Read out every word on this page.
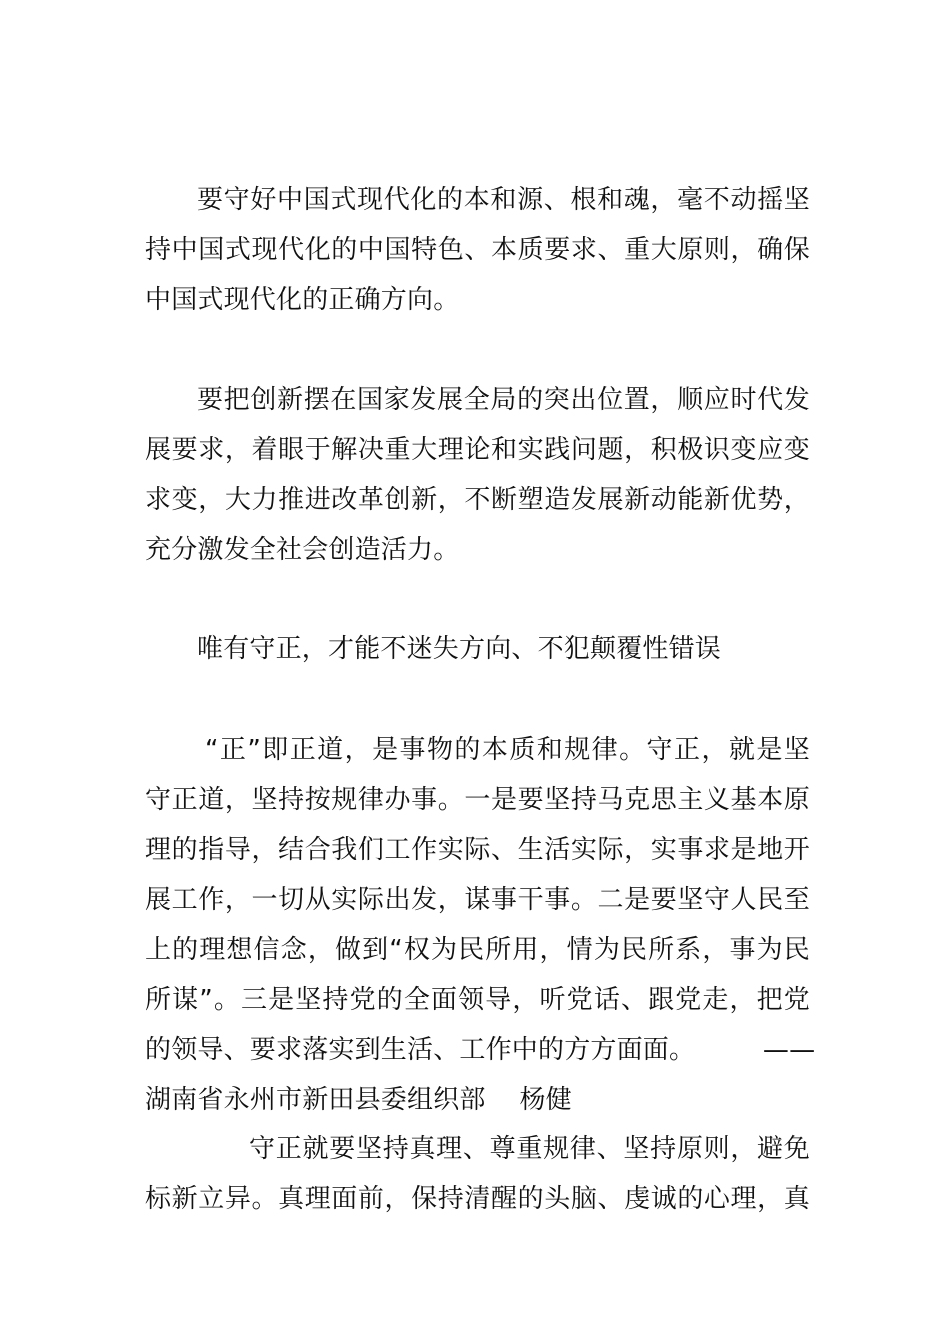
要守好中国式现代化的本和源、根和魂，毫不动摇坚
持中国式现代化的中国特色、本质要求、重大原则，确保
中国式现代化的正确方向。
要把创新摆在国家发展全局的突出位置，顺应时代发
展要求，着眼于解决重大理论和实践问题，积极识变应变
求变，大力推进改革创新，不断塑造发展新动能新优势，
充分激发全社会创造活力。
唯有守正，才能不迷失方向、不犯颠覆性错误
“正”即正道，是事物的本质和规律。守正，就是坚
守正道，坚持按规律办事。一是要坚持马克思主义基本原
理的指导，结合我们工作实际、生活实际，实事求是地开
展工作，一切从实际出发，谋事干事。二是要坚守人民至
上的理想信念，做到“权为民所用，情为民所系，事为民
所谋”。三是坚持党的全面领导，听党话、跟党走，把党
的领导、要求落实到生活、工作中的方方面面。        ——
湖南省永州市新田县委组织部    杨健
守正就要坚持真理、尊重规律、坚持原则，避免
标新立异。真理面前，保持清醒的头脑、虔诚的心理，真
